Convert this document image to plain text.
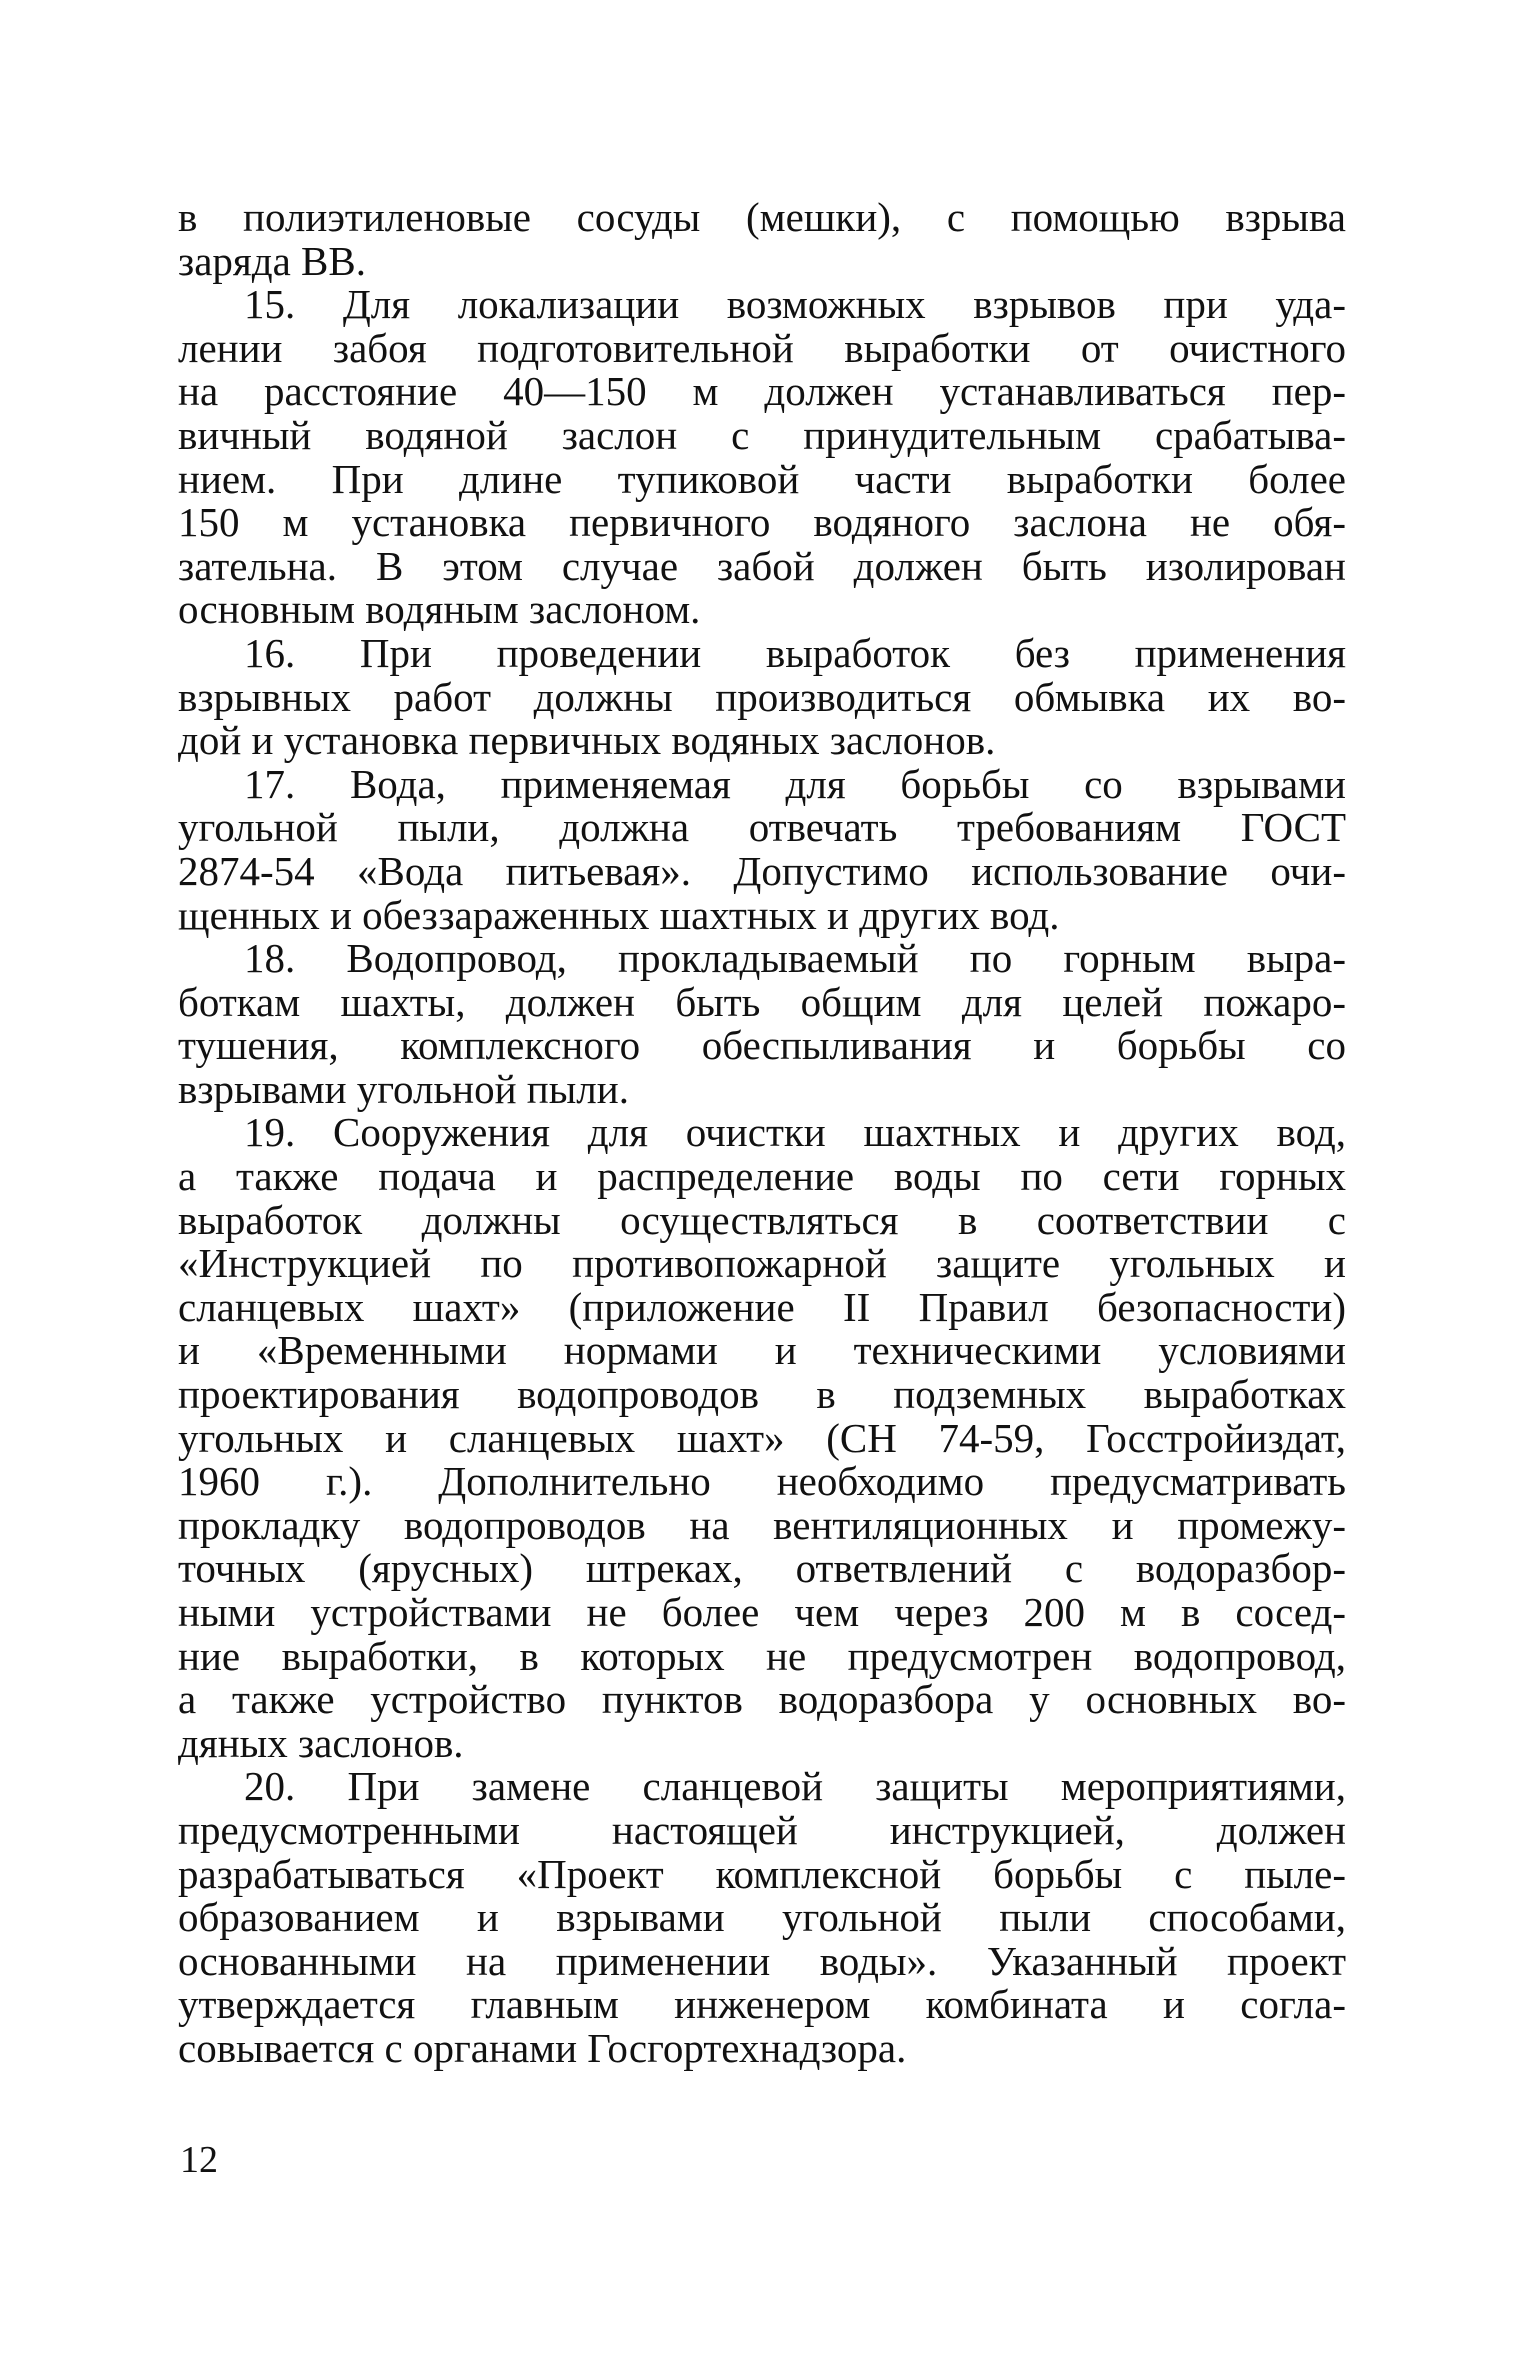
в полиэтиленовые сосуды (мешки), с помощью взрыва
заряда ВВ.
15. Для локализации возможных взрывов при уда-
лении забоя подготовительной выработки от очистного
на расстояние 40—150 м должен устанавливаться пер-
вичный водяной заслон с принудительным срабатыва-
нием. При длине тупиковой части выработки более
150 м установка первичного водяного заслона не обя-
зательна. В этом случае забой должен быть изолирован
основным водяным заслоном.
16. При проведении выработок без применения
взрывных работ должны производиться обмывка их во-
дой и установка первичных водяных заслонов.
17. Вода, применяемая для борьбы со взрывами
угольной пыли, должна отвечать требованиям ГОСТ
2874-54 «Вода питьевая». Допустимо использование очи-
щенных и обеззараженных шахтных и других вод.
18. Водопровод, прокладываемый по горным выра-
боткам шахты, должен быть общим для целей пожаро-
тушения, комплексного обеспыливания и борьбы со
взрывами угольной пыли.
19. Сооружения для очистки шахтных и других вод,
а также подача и распределение воды по сети горных
выработок должны осуществляться в соответствии с
«Инструкцией по противопожарной защите угольных и
сланцевых шахт» (приложение II Правил безопасности)
и «Временными нормами и техническими условиями
проектирования водопроводов в подземных выработках
угольных и сланцевых шахт» (СН 74-59, Госстройиздат,
1960 г.). Дополнительно необходимо предусматривать
прокладку водопроводов на вентиляционных и промежу-
точных (ярусных) штреках, ответвлений с водоразбор-
ными устройствами не более чем через 200 м в сосед-
ние выработки, в которых не предусмотрен водопровод,
а также устройство пунктов водоразбора у основных во-
дяных заслонов.
20. При замене сланцевой защиты мероприятиями,
предусмотренными настоящей инструкцией, должен
разрабатываться «Проект комплексной борьбы с пыле-
образованием и взрывами угольной пыли способами,
основанными на применении воды». Указанный проект
утверждается главным инженером комбината и согла-
совывается с органами Госгортехнадзора.
12
